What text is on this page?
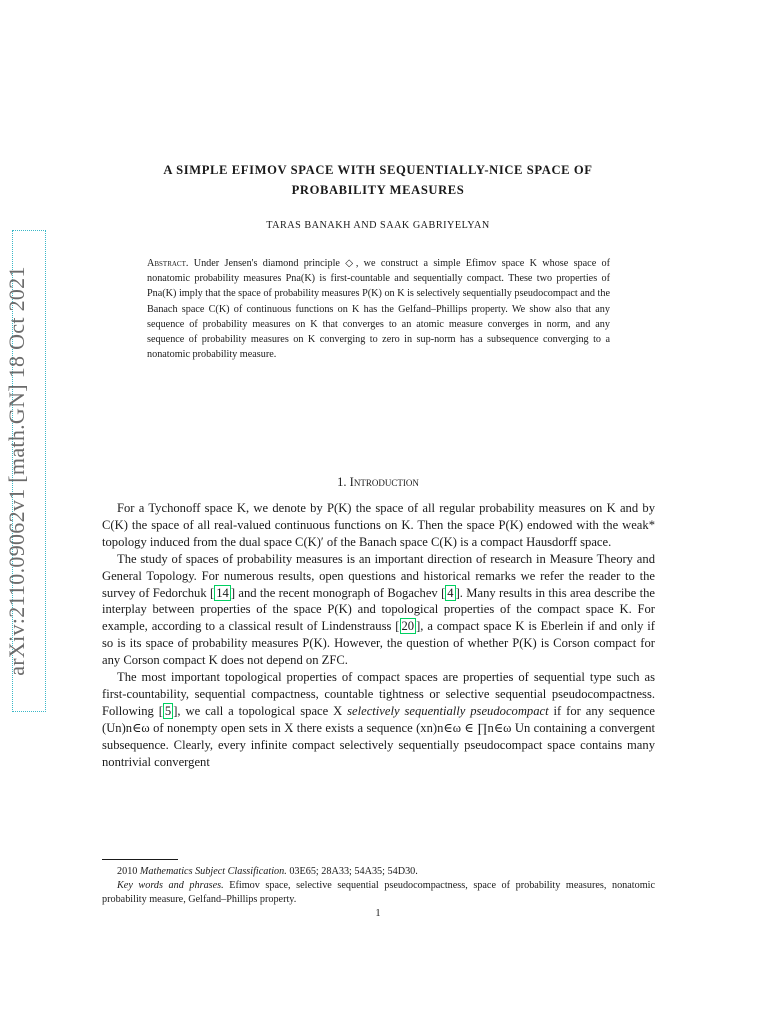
arXiv:2110.09062v1 [math.GN] 18 Oct 2021
A SIMPLE EFIMOV SPACE WITH SEQUENTIALLY-NICE SPACE OF
PROBABILITY MEASURES
TARAS BANAKH AND SAAK GABRIYELYAN
Abstract. Under Jensen's diamond principle ◇, we construct a simple Efimov space K whose space of nonatomic probability measures Pna(K) is first-countable and sequentially compact. These two properties of Pna(K) imply that the space of probability measures P(K) on K is selectively sequentially pseudocompact and the Banach space C(K) of continuous functions on K has the Gelfand–Phillips property. We show also that any sequence of probability measures on K that converges to an atomic measure converges in norm, and any sequence of probability measures on K converging to zero in sup-norm has a subsequence converging to a nonatomic probability measure.
1. Introduction

For a Tychonoff space K, we denote by P(K) the space of all regular probability measures on K and by C(K) the space of all real-valued continuous functions on K. Then the space P(K) endowed with the weak* topology induced from the dual space C(K)′ of the Banach space C(K) is a compact Hausdorff space.

The study of spaces of probability measures is an important direction of research in Measure Theory and General Topology. For numerous results, open questions and historical remarks we refer the reader to the survey of Fedorchuk [ 14 ] and the recent monograph of Bogachev [ 4 ]. Many results in this area describe the interplay between properties of the space P(K) and topological properties of the compact space K. For example, according to a classical result of Lindenstrauss [ 20 ], a compact space K is Eberlein if and only if so is its space of probability measures P(K). However, the question of whether P(K) is Corson compact for any Corson compact K does not depend on ZFC.

The most important topological properties of compact spaces are properties of sequential type such as first-countability, sequential compactness, countable tightness or selective sequential pseudocompactness. Following [ 5 ], we call a topological space X selectively sequentially pseudocompact if for any sequence (Un)n∈ω of nonempty open sets in X there exists a sequence (xn)n∈ω ∈ ∏n∈ω Un containing a convergent subsequence. Clearly, every infinite compact selectively sequentially pseudocompact space contains many nontrivial convergent

2010 Mathematics Subject Classification. 03E65; 28A33; 54A35; 54D30.

Key words and phrases. Efimov space, selective sequential pseudocompactness, space of probability measures, nonatomic probability measure, Gelfand–Phillips property.

1
